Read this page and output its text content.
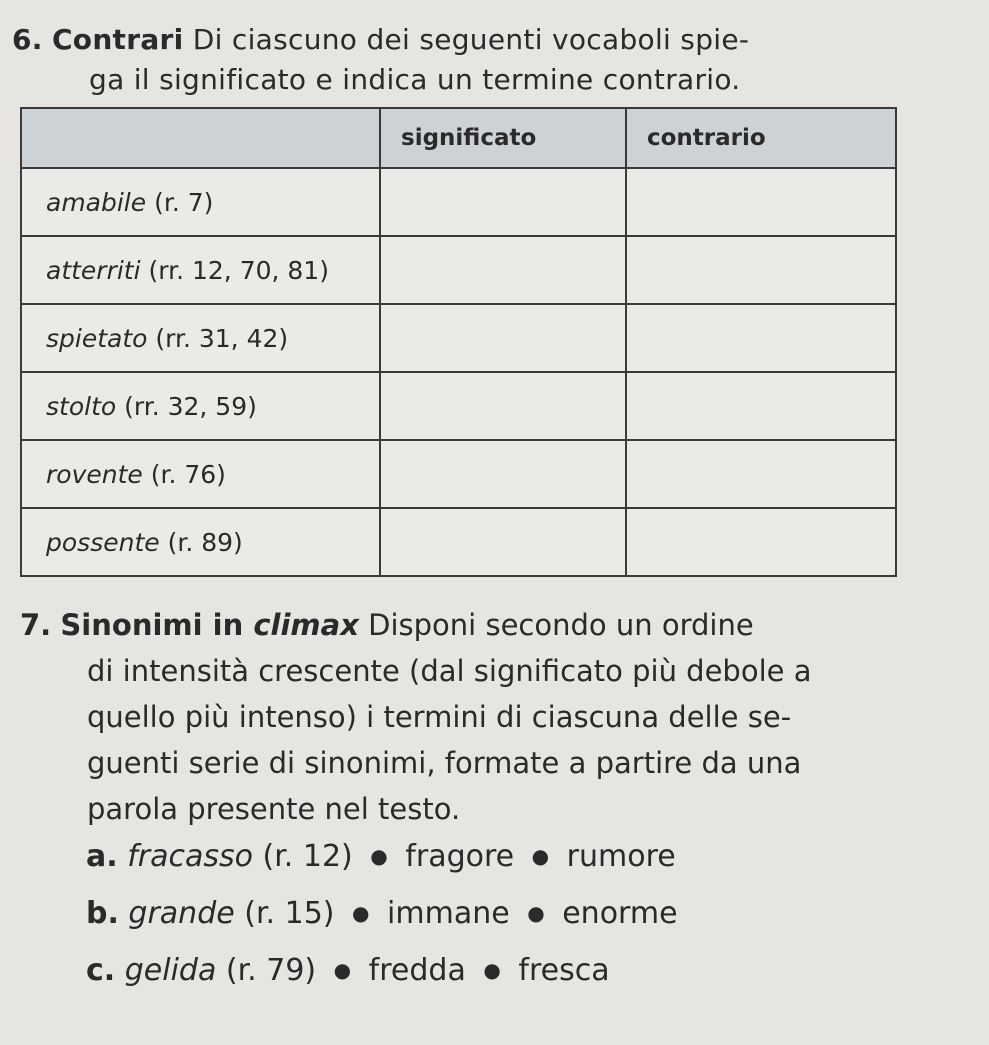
6. Contrari Di ciascuno dei seguenti vocaboli spie-
ga il significato e indica un termine contrario.
	significato	contrario
amabile (r. 7)		
atterriti (rr. 12, 70, 81)		
spietato (rr. 31, 42)		
stolto (rr. 32, 59)		
rovente (r. 76)		
possente (r. 89)		
7. Sinonimi in climax Disponi secondo un ordine
di intensità crescente (dal significato più debole a
quello più intenso) i termini di ciascuna delle se-
guenti serie di sinonimi, formate a partire da una
parola presente nel testo.
a. fracasso (r. 12) ● fragore ● rumore
b. grande (r. 15) ● immane ● enorme
c. gelida (r. 79) ● fredda ● fresca
